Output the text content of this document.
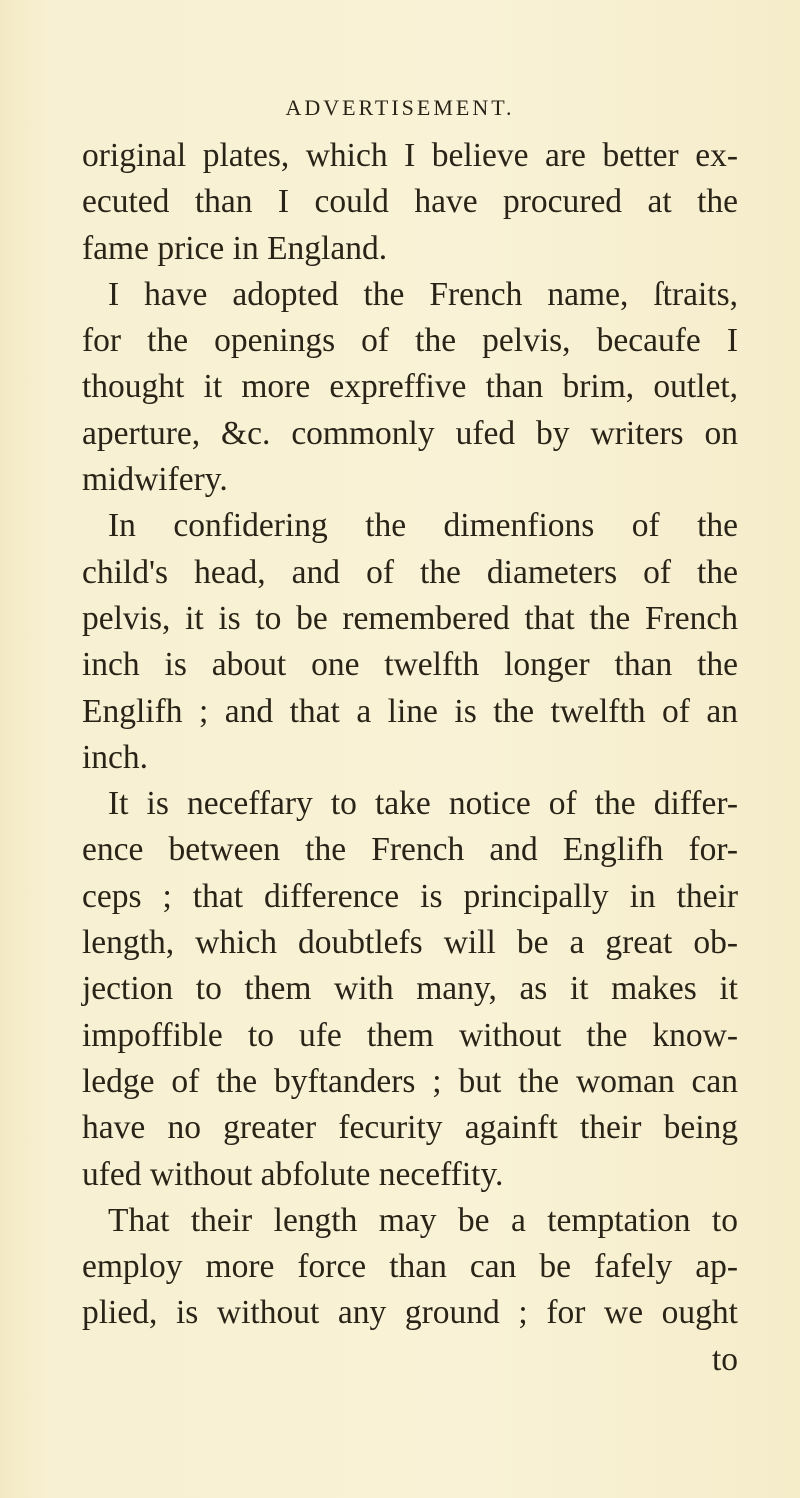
ADVERTISEMENT.
original plates, which I believe are better ex-
ecuted than I could have procured at the
fame price in England.
I have adopted the French name, ſtraits,
for the openings of the pelvis, becaufe I
thought it more expreffive than brim, outlet,
aperture, &c. commonly ufed by writers on
midwifery.
In confidering the dimenfions of the
child's head, and of the diameters of the
pelvis, it is to be remembered that the French
inch is about one twelfth longer than the
Englifh ; and that a line is the twelfth of an
inch.
It is neceffary to take notice of the differ-
ence between the French and Englifh for-
ceps ; that difference is principally in their
length, which doubtlefs will be a great ob-
jection to them with many, as it makes it
impoffible to ufe them without the know-
ledge of the byftanders ; but the woman can
have no greater fecurity againft their being
ufed without abfolute neceffity.
That their length may be a temptation to
employ more force than can be fafely ap-
plied, is without any ground ; for we ought
to
